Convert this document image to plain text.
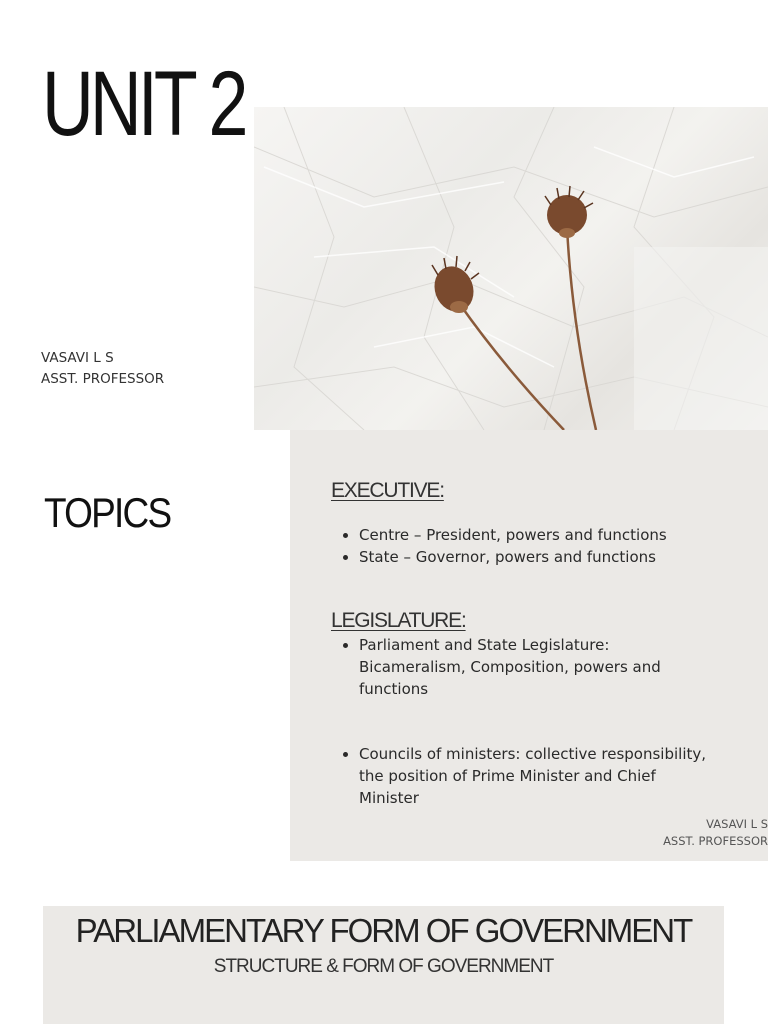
UNIT 2
VASAVI L S
ASST. PROFESSOR
TOPICS	EXECUTIVE:
• Centre – President, powers and functions
• State – Governor, powers and functions
LEGISLATURE:
• Parliament and State Legislature: Bicameralism, Composition, powers and functions
• Councils of ministers: collective responsibility, the position of Prime Minister and Chief Minister
VASAVI L S
ASST. PROFESSOR
PARLIAMENTARY FORM OF GOVERNMENT
STRUCTURE & FORM OF GOVERNMENT
